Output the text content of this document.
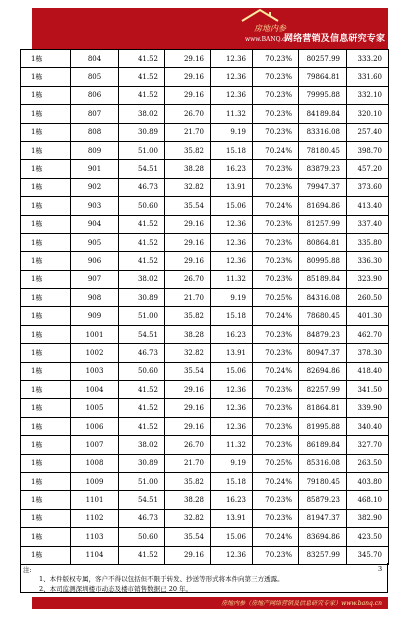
房地内参
www.BANQ.cn
网络营销及信息研究专家
1栋	804	41.52	29.16	12.36	70.23%	80257.99	333.20
1栋	805	41.52	29.16	12.36	70.23%	79864.81	331.60
1栋	806	41.52	29.16	12.36	70.23%	79995.88	332.10
1栋	807	38.02	26.70	11.32	70.23%	84189.84	320.10
1栋	808	30.89	21.70	9.19	70.23%	83316.08	257.40
1栋	809	51.00	35.82	15.18	70.24%	78180.45	398.70
1栋	901	54.51	38.28	16.23	70.23%	83879.23	457.20
1栋	902	46.73	32.82	13.91	70.23%	79947.37	373.60
1栋	903	50.60	35.54	15.06	70.24%	81694.86	413.40
1栋	904	41.52	29.16	12.36	70.23%	81257.99	337.40
1栋	905	41.52	29.16	12.36	70.23%	80864.81	335.80
1栋	906	41.52	29.16	12.36	70.23%	80995.88	336.30
1栋	907	38.02	26.70	11.32	70.23%	85189.84	323.90
1栋	908	30.89	21.70	9.19	70.25%	84316.08	260.50
1栋	909	51.00	35.82	15.18	70.24%	78680.45	401.30
1栋	1001	54.51	38.28	16.23	70.23%	84879.23	462.70
1栋	1002	46.73	32.82	13.91	70.23%	80947.37	378.30
1栋	1003	50.60	35.54	15.06	70.24%	82694.86	418.40
1栋	1004	41.52	29.16	12.36	70.23%	82257.99	341.50
1栋	1005	41.52	29.16	12.36	70.23%	81864.81	339.90
1栋	1006	41.52	29.16	12.36	70.23%	81995.88	340.40
1栋	1007	38.02	26.70	11.32	70.23%	86189.84	327.70
1栋	1008	30.89	21.70	9.19	70.25%	85316.08	263.50
1栋	1009	51.00	35.82	15.18	70.24%	79180.45	403.80
1栋	1101	54.51	38.28	16.23	70.23%	85879.23	468.10
1栋	1102	46.73	32.82	13.91	70.23%	81947.37	382.90
1栋	1103	50.60	35.54	15.06	70.24%	83694.86	423.50
1栋	1104	41.52	29.16	12.36	70.23%	83257.99	345.70
注:
1、本件版权专属，客户不得以包括但不限于转发、抄送等形式将本件向第三方透露。
2、本司监测深圳楼市动态及楼市销售数据已 20 年。
3
房地内参（房地产网络营销及信息研究专家）www.banq.cn
